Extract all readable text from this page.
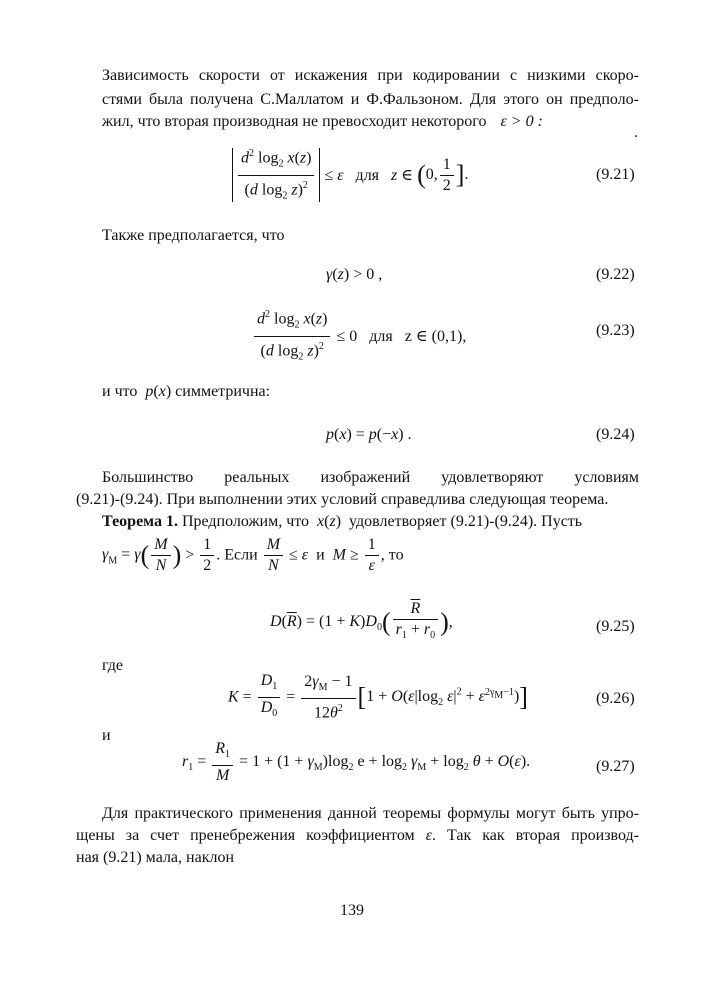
Зависимость скорости от искажения при кодировании с низкими скоро-
стями была получена С.Маллатом и Ф.Фальзоном. Для этого он предполо-
жил, что вторая производная не превосходит некоторого ε > 0 :
.
$\frac{d^2 \log_2 x(z)}{(d \log_2 z)^2} \le \varepsilon$ для z ∈ (0, $\frac{1}{2}$ ].	(9.21)
Также предполагается, что
γ(z) > 0 ,	(9.22)
$\frac{d^2 \log_2 x(z)}{(d \log_2 z)^2} \le 0$   для   z ∈ (0,1),	(9.23)
и что p(x) симметрична:
p(x) = p(−x) .	(9.24)
Большинство реальных изображений удовлетворяют условиям
(9.21)-(9.24). При выполнении этих условий справедлива следующая теорема.
Теорема 1. Предположим, что x(z)  удовлетворяет (9.21)-(9.24). Пусть
$\gamma_M = \gamma( \frac{M}{N}$ ) > $\frac{1}{2}$ . Если $\frac{M}{N} \le \varepsilon$ и $M \ge \frac{1}{\varepsilon}$ , то
$D(\overline{R}) = (1 + K)D_0( \frac{\overline{R}}{r_1 + r_0}$ ),	(9.25)
где
$K = \frac{D_1}{D_0} = \frac{2\gamma_M - 1}{12\theta^2} [1 + O(\varepsilon|\log_2$ $\varepsilon|^2 + \varepsilon^{2\gamma_M-1}$)]	(9.26)
и
$r_1 = \frac{R_1}{M} = 1 + (1 + \gamma_M)\log_2$ $e + \log_2 \gamma_M + \log_2 \theta + O(\varepsilon)$.	(9.27)
Для практического применения данной теоремы формулы могут быть упро-
щены за счет пренебрежения коэффициентом ε. Так как вторая производ-
ная (9.21) мала, наклон
139
